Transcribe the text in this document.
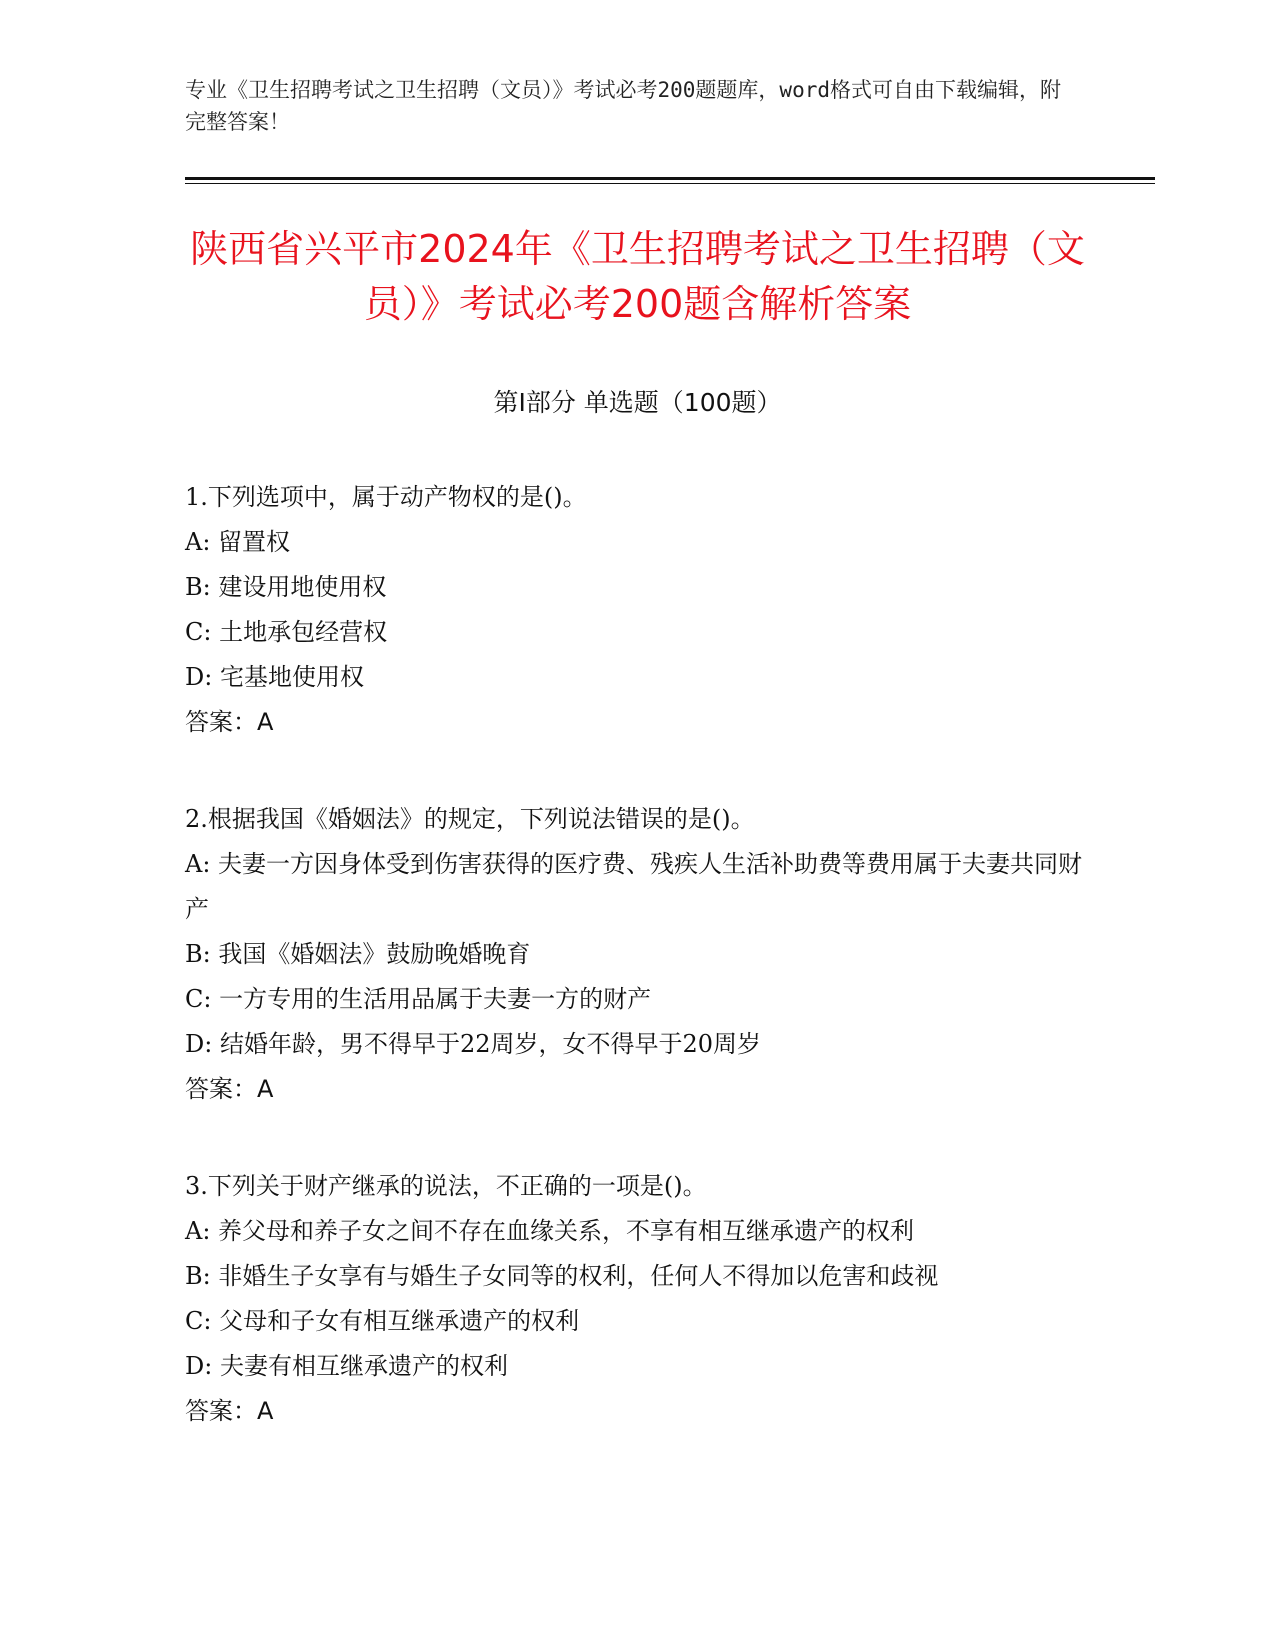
专业《卫生招聘考试之卫生招聘（文员）》考试必考200题题库，word格式可自由下载编辑，附完整答案！

陕西省兴平市2024年《卫生招聘考试之卫生招聘（文员）》考试必考200题含解析答案
第Ⅰ部分 单选题（100题）

1.下列选项中，属于动产物权的是()。

A: 留置权

B: 建设用地使用权

C: 土地承包经营权

D: 宅基地使用权

答案：A

2.根据我国《婚姻法》的规定，下列说法错误的是()。

A: 夫妻一方因身体受到伤害获得的医疗费、残疾人生活补助费等费用属于夫妻共同财产

B: 我国《婚姻法》鼓励晚婚晚育

C: 一方专用的生活用品属于夫妻一方的财产

D: 结婚年龄，男不得早于22周岁，女不得早于20周岁

答案：A

3.下列关于财产继承的说法，不正确的一项是()。

A: 养父母和养子女之间不存在血缘关系，不享有相互继承遗产的权利

B: 非婚生子女享有与婚生子女同等的权利，任何人不得加以危害和歧视

C: 父母和子女有相互继承遗产的权利

D: 夫妻有相互继承遗产的权利

答案：A
